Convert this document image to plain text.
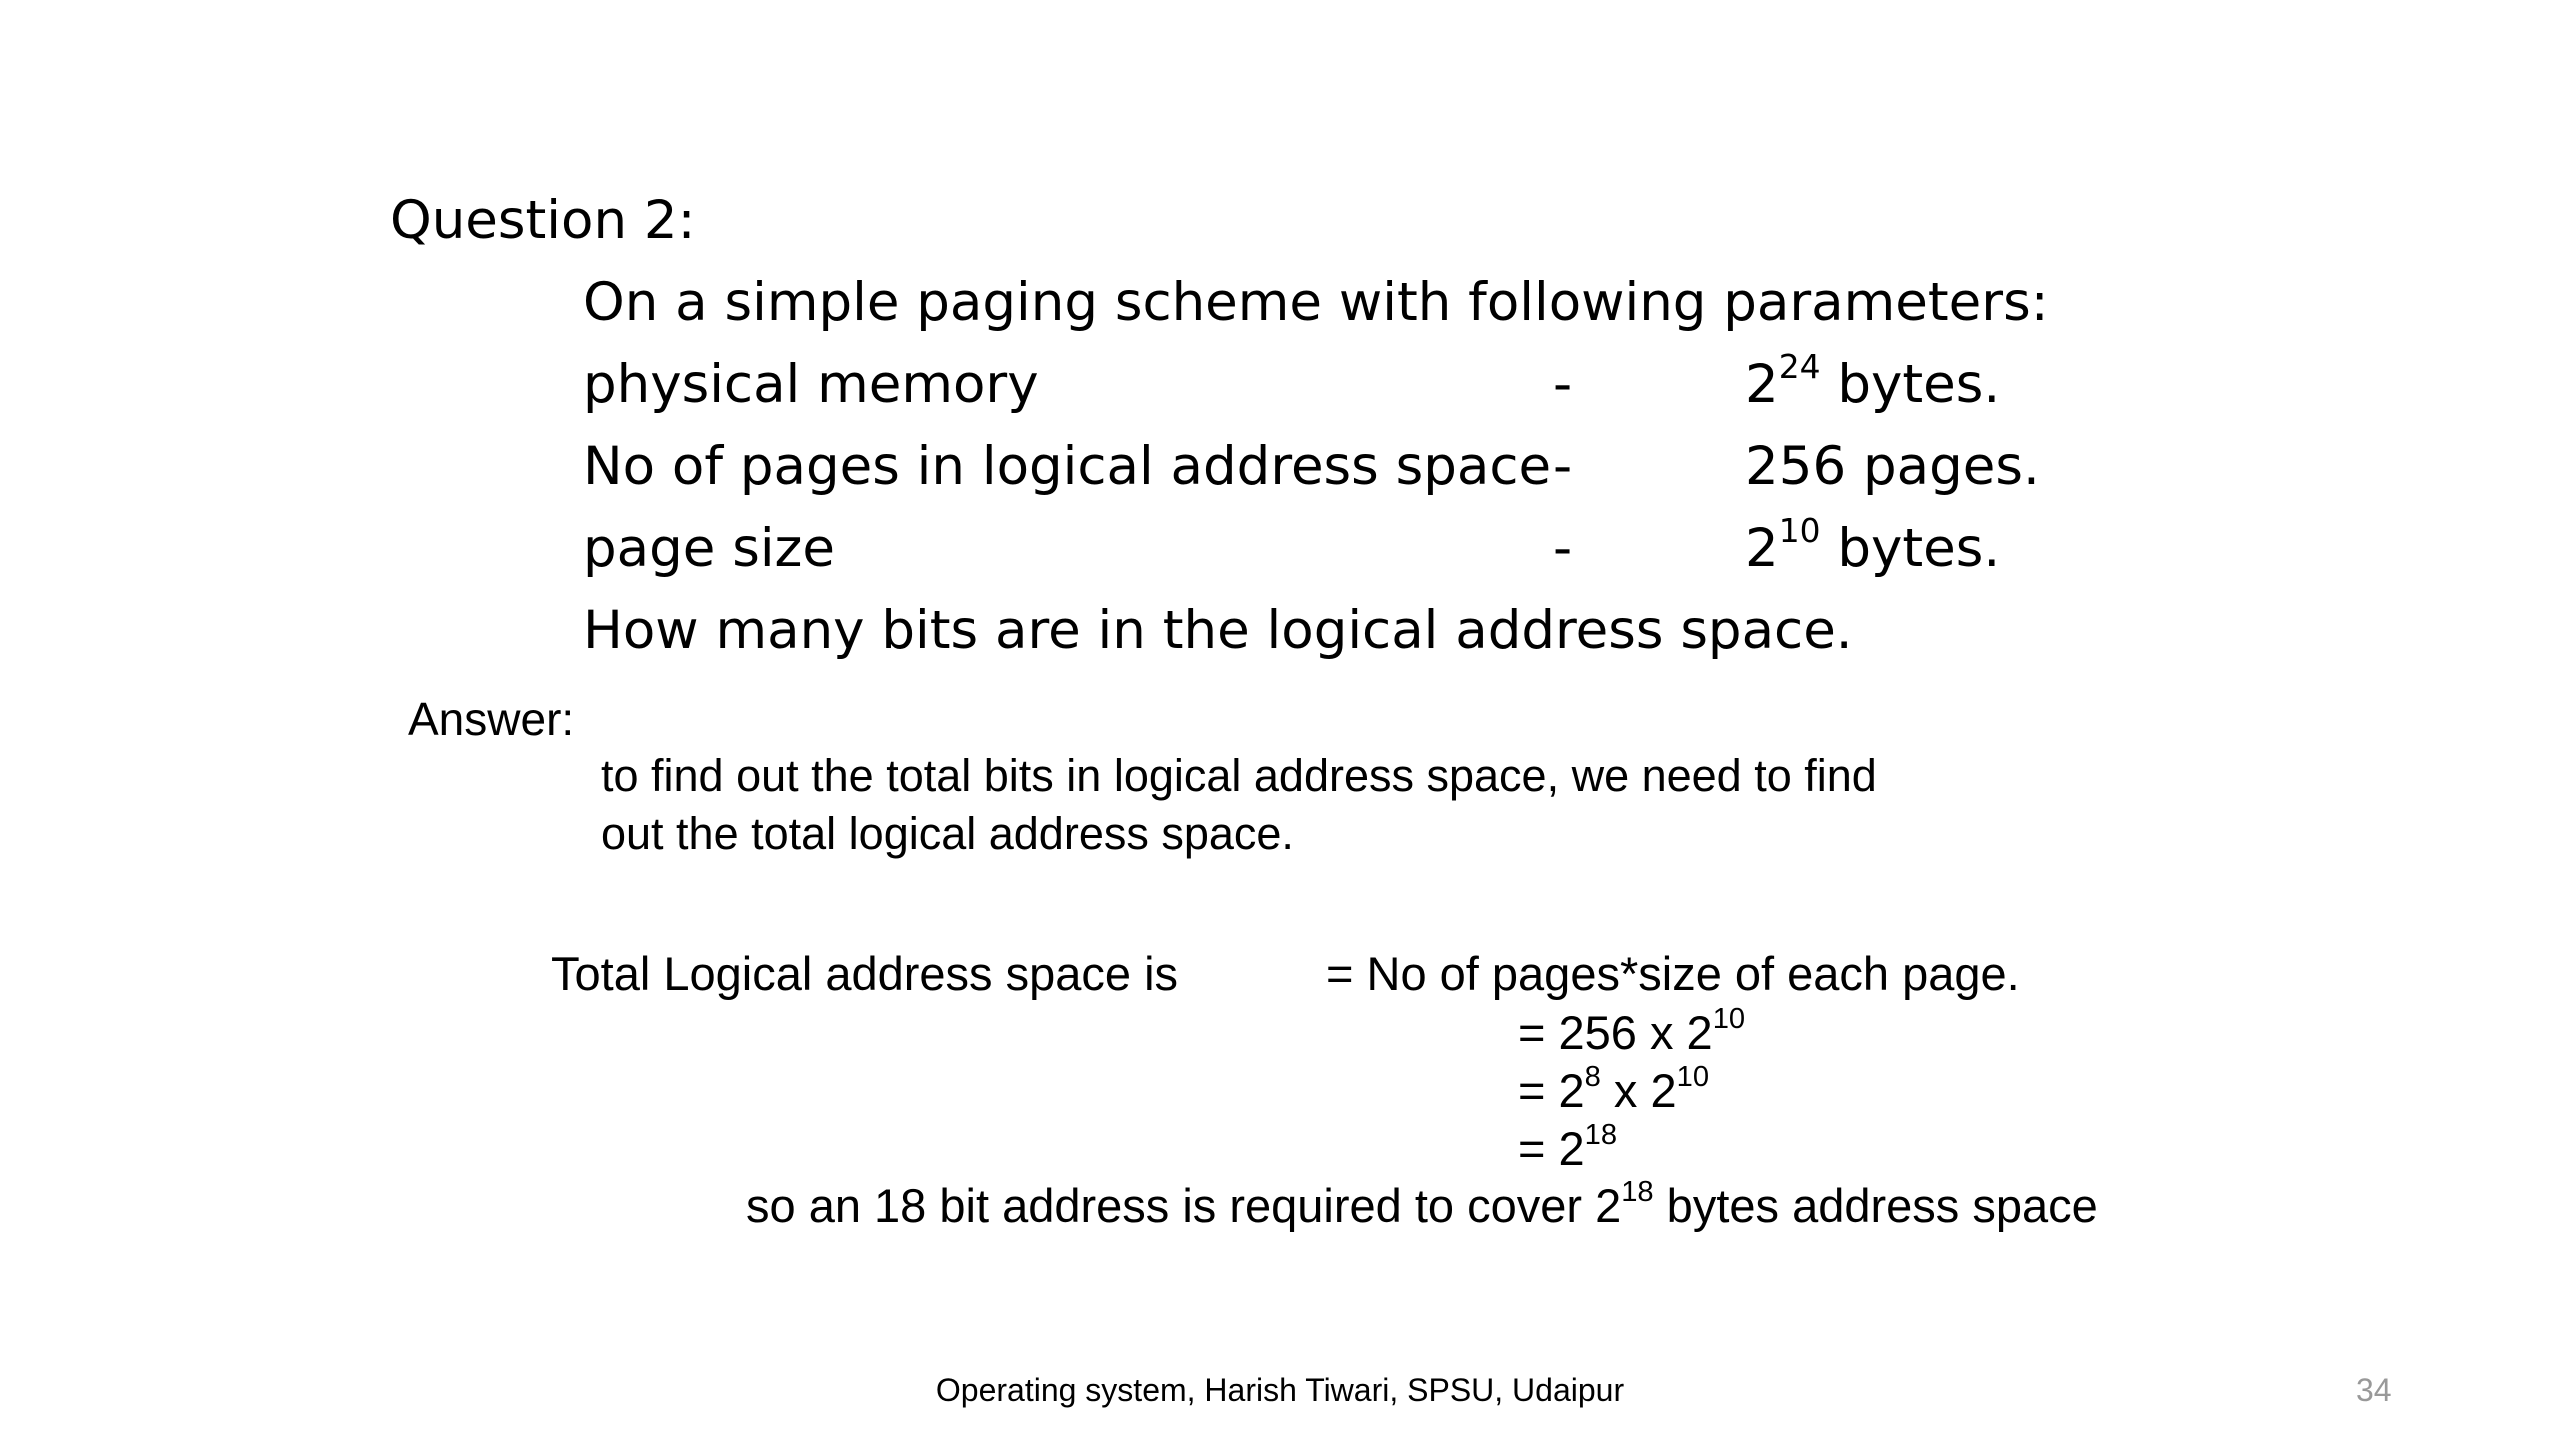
Question 2:
On a simple paging scheme with following parameters:
physical memory	-	$2^{24}$ bytes.
No of pages in logical address space -	256 pages.
page size	-	$2^{10}$ bytes.
How many bits are in the logical address space.
Answer:
to find out the total bits in logical address space, we need to find
out the total logical address space.
Total Logical address space is	= No of pages*size of each page.
= 256 x $2^{10}$
= $2^8$ x $2^{10}$
= $2^{18}$
so an 18 bit address is required to cover $2^{18}$ bytes address space
Operating system, Harish Tiwari, SPSU, Udaipur	34
